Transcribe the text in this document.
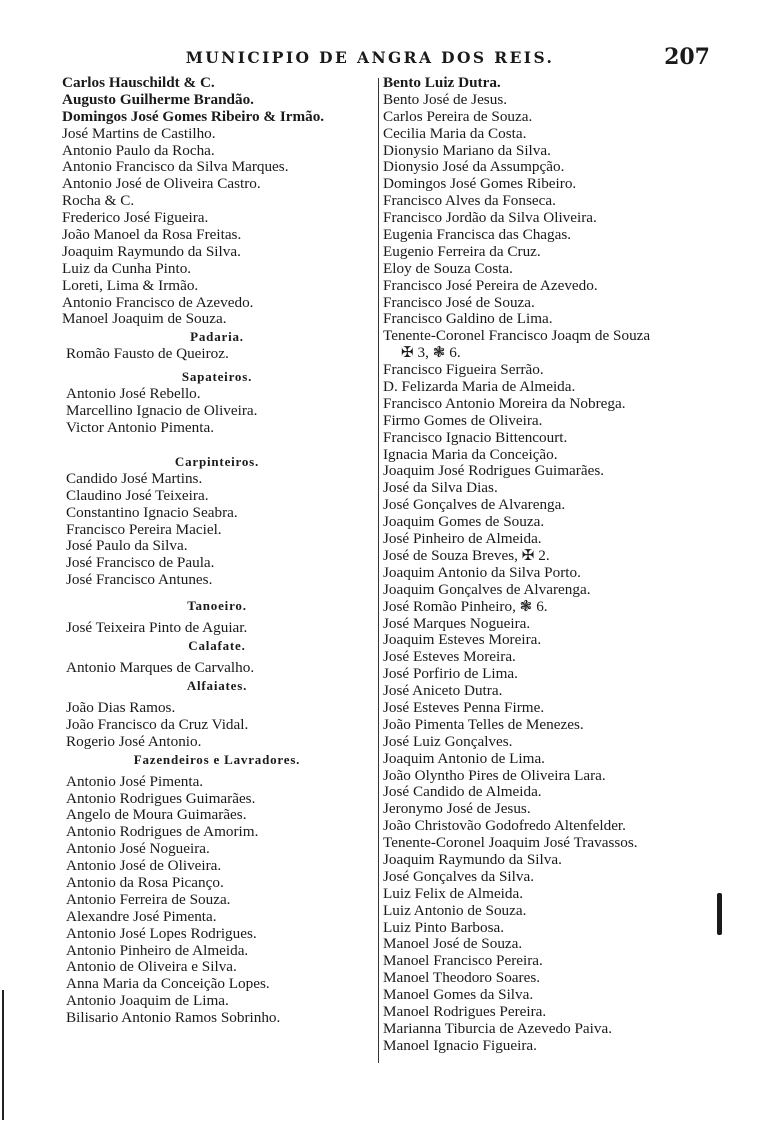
MUNICIPIO DE ANGRA DOS REIS.	207
Carlos Hauschildt & C.
Augusto Guilherme Brandão.
Domingos José Gomes Ribeiro & Irmão.
José Martins de Castilho.
Antonio Paulo da Rocha.
Antonio Francisco da Silva Marques.
Antonio José de Oliveira Castro.
Rocha & C.
Frederico José Figueira.
João Manoel da Rosa Freitas.
Joaquim Raymundo da Silva.
Luiz da Cunha Pinto.
Loreti, Lima & Irmão.
Antonio Francisco de Azevedo.
Manoel Joaquim de Souza.
Padaria.
Romão Fausto de Queiroz.
Sapateiros.
Antonio José Rebello.
Marcellino Ignacio de Oliveira.
Victor Antonio Pimenta.
Carpinteiros.
Candido José Martins.
Claudino José Teixeira.
Constantino Ignacio Seabra.
Francisco Pereira Maciel.
José Paulo da Silva.
José Francisco de Paula.
José Francisco Antunes.
Tanoeiro.
José Teixeira Pinto de Aguiar.
Calafate.
Antonio Marques de Carvalho.
Alfaiates.
João Dias Ramos.
João Francisco da Cruz Vidal.
Rogerio José Antonio.
Fazendeiros e Lavradores.
Antonio José Pimenta.
Antonio Rodrigues Guimarães.
Angelo de Moura Guimarães.
Antonio Rodrigues de Amorim.
Antonio José Nogueira.
Antonio José de Oliveira.
Antonio da Rosa Picanço.
Antonio Ferreira de Souza.
Alexandre José Pimenta.
Antonio José Lopes Rodrigues.
Antonio Pinheiro de Almeida.
Antonio de Oliveira e Silva.
Anna Maria da Conceição Lopes.
Antonio Joaquim de Lima.
Bilisario Antonio Ramos Sobrinho.
Bento Luiz Dutra.
Bento José de Jesus.
Carlos Pereira de Souza.
Cecilia Maria da Costa.
Dionysio Mariano da Silva.
Dionysio José da Assumpção.
Domingos José Gomes Ribeiro.
Francisco Alves da Fonseca.
Francisco Jordão da Silva Oliveira.
Eugenia Francisca das Chagas.
Eugenio Ferreira da Cruz.
Eloy de Souza Costa.
Francisco José Pereira de Azevedo.
Francisco José de Souza.
Francisco Galdino de Lima.
Tenente-Coronel Francisco Joaqm de Souza
✠ 3, ❃ 6.
Francisco Figueira Serrão.
D. Felizarda Maria de Almeida.
Francisco Antonio Moreira da Nobrega.
Firmo Gomes de Oliveira.
Francisco Ignacio Bittencourt.
Ignacia Maria da Conceição.
Joaquim José Rodrigues Guimarães.
José da Silva Dias.
José Gonçalves de Alvarenga.
Joaquim Gomes de Souza.
José Pinheiro de Almeida.
José de Souza Breves, ✠ 2.
Joaquim Antonio da Silva Porto.
Joaquim Gonçalves de Alvarenga.
José Romão Pinheiro, ❃ 6.
José Marques Nogueira.
Joaquim Esteves Moreira.
José Esteves Moreira.
José Porfirio de Lima.
José Aniceto Dutra.
José Esteves Penna Firme.
João Pimenta Telles de Menezes.
José Luiz Gonçalves.
Joaquim Antonio de Lima.
João Olyntho Pires de Oliveira Lara.
José Candido de Almeida.
Jeronymo José de Jesus.
João Christovão Godofredo Altenfelder.
Tenente-Coronel Joaquim José Travassos.
Joaquim Raymundo da Silva.
José Gonçalves da Silva.
Luiz Felix de Almeida.
Luiz Antonio de Souza.
Luiz Pinto Barbosa.
Manoel José de Souza.
Manoel Francisco Pereira.
Manoel Theodoro Soares.
Manoel Gomes da Silva.
Manoel Rodrigues Pereira.
Marianna Tiburcia de Azevedo Paiva.
Manoel Ignacio Figueira.
